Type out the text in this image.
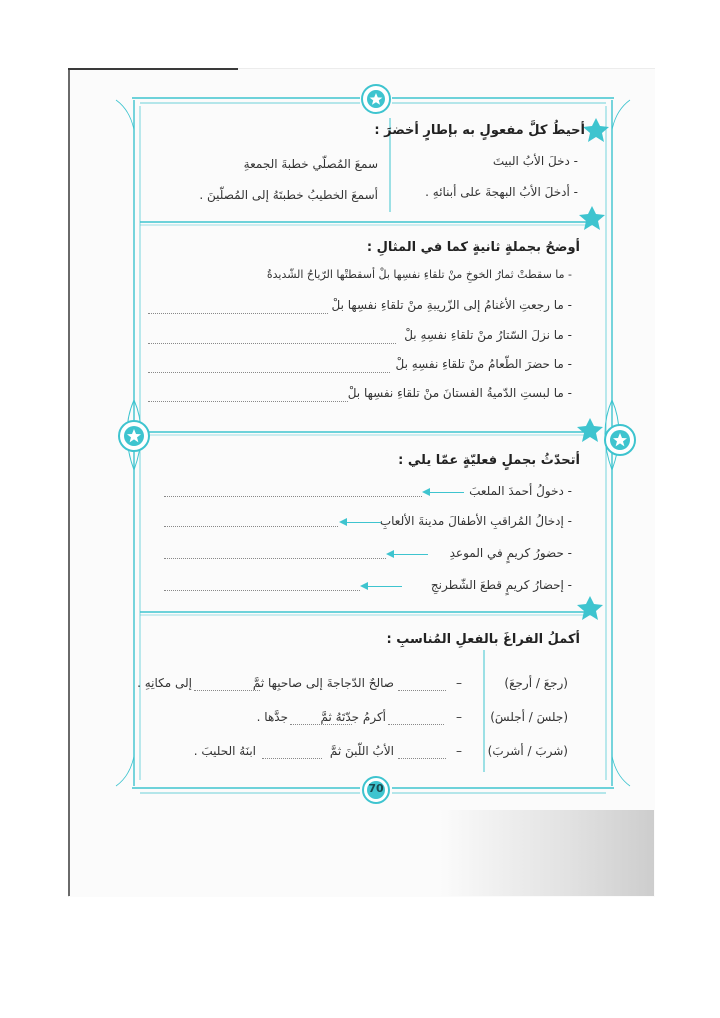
70
أحيطُ كلَّ مفعولٍ به بإطارٍ أخضرَ :
- دخلَ الأبُ البيتَ
- أدخلَ الأبُ البهجةَ على أبنائهِ .
سمعَ المُصلّي خطبةَ الجمعةِ
أسمعَ الخطيبُ خطبتَهُ إلى المُصلّينَ .
أوضحُ بجملةٍ ثانيةٍ كما في المثالِ :
- ما سقطتْ ثمارُ الخوخِ منْ تلقاءِ نفسِها بلْ أسقطتْها الرّياحُ الشّديدةُ
- ما رجعتِ الأغنامُ إلى الزّريبةِ منْ تلقاءِ نفسِها بلْ
- ما نزلَ السّتارُ منْ تلقاءِ نفسِهِ بلْ
- ما حضرَ الطّعامُ منْ تلقاءِ نفسِهِ بلْ
- ما لبستِ الدّميةُ الفستانَ منْ تلقاءِ نفسِها بلْ
أتحدّثُ بجملٍ فعليّةٍ عمّا يلي :
- دخولُ أحمدَ الملعبَ
- إدخالُ المُراقبِ الأطفالَ مدينةَ الألعابِ
- حضورُ كريمٍ في الموعدِ
- إحضارُ كريمٍ قطعَ الشّطرنجِ
أكملُ الفراغَ بالفعلِ المُناسبِ :
(رجعَ / أرجعَ)
(جلسَ / أجلسَ)
(شربَ / أشربَ)
–
–
–
صالحٌ الدّجاجةَ إلى صاحبِها ثمَّ
إلى مكانِهِ .
أكرمُ جدّتَهُ ثمَّ
جدَّها .
الأبُ اللّبنَ ثمَّ
ابنَهُ الحليبَ .
